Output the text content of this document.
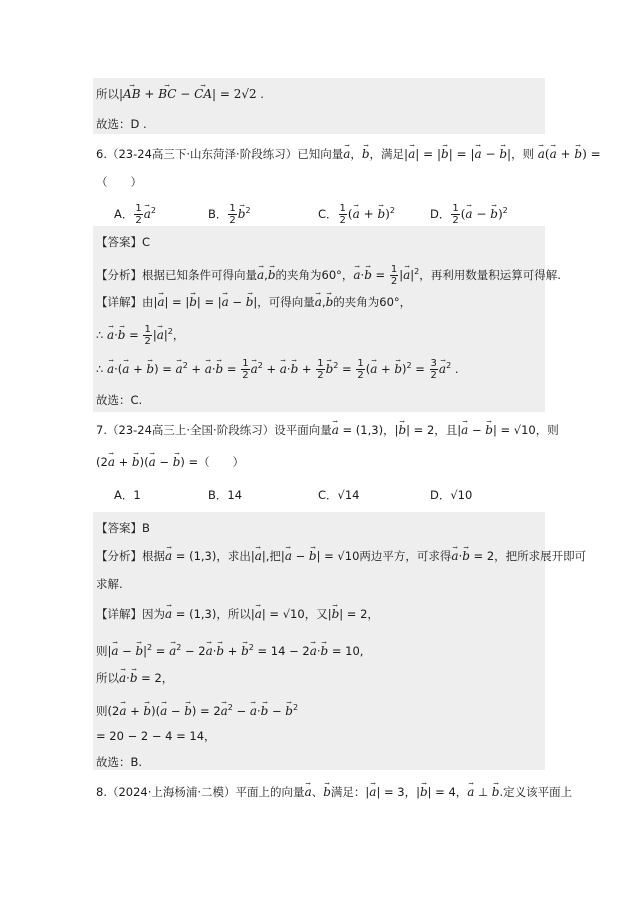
所以|→ AB + → BC − → CA| = 2√2 .
故选：D .
6.（23-24高三下·山东菏泽·阶段练习）已知向量→ a，→ b，满足|→ a| = |→ b| = |→ a − → b|，则 → a(→ a + → b) =
（　　）
A． $\frac{1}{2}$
→ $a^2$	B． $\frac{1}{2}$
→ $b^2$	C． $\frac{1}{2}$ (→ a + → b)$^2$	D． $\frac{1}{2}$ (→ a − → b)$^2$
【答案】C
【分析】根据已知条件可得向量→ a,→ b的夹角为60°，→ $a\cdot\to b = \frac{1}{2}$ |→ $a|^2$，再利用数量积运算可得解.
【详解】由|→ a| = |→ b| = |→ a − → b|，可得向量→ a,→ b的夹角为60°，
∴ → $a\cdot\to b = \frac{1}{2}$ |→ $a|^2$，
∴ → a·(→ a + → b) = → $a^2$ + → $a\cdot\to b = \frac{1}{2}$
→ $a^2$ + → $a\cdot\to b + \frac{1}{2}$
→ $b^2 = \frac{1}{2}$ (→ a + → $b)^2 = \frac{3}{2}$
→ $a^2$ .
故选：C.
7.（23-24高三上·全国·阶段练习）设平面向量→ a = (1,3)，|→ b| = 2，且|→ a − → b| = √10，则
(2→ a + → b)(→ a − → b) =（　　）
A．1	B．14	C．√14	D．√10
【答案】B
【分析】根据→ a = (1,3)，求出|→ a|,把|→ a − → b| = √10两边平方，可求得→ a·→ b = 2，把所求展开即可
求解.
【详解】因为→ a = (1,3)，所以|→ a| = √10，又|→ b| = 2，
则|→ a − → $b|^2$ = → $a^2 - 2\to a\cdot\to b$ + → $b^2 = 14 - 2\to a\cdot\to b = 10$,
所以→ a·→ b = 2，
则(2→ a + → b)(→ a − → $b) = 2\to a^2$ − → a·→ b − → $b^2$
= 20 − 2 − 4 = 14，
故选：B.
8.（2024·上海杨浦·二模）平面上的向量→ a、→ b满足：|→ a| = 3，|→ b| = 4，→ a ⊥ → b.定义该平面上
